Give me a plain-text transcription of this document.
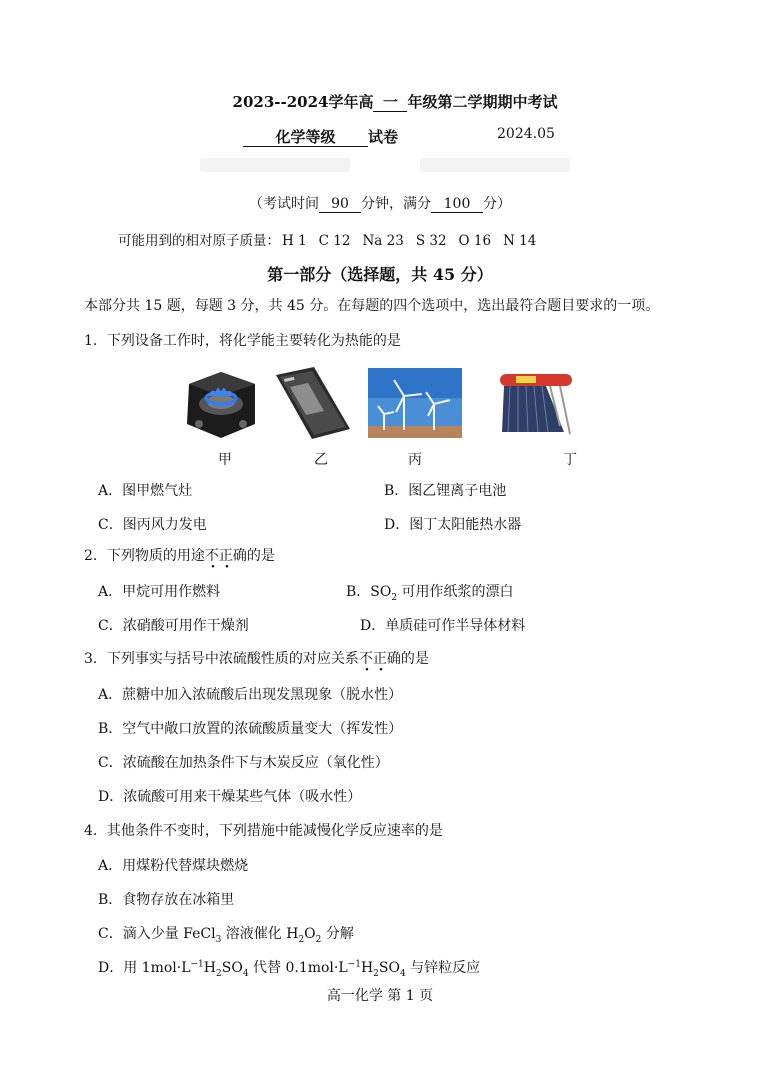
2023--2024学年高 一 年级第二学期期中考试
化学等级 试卷	2024.05
（考试时间 90 分钟，满分 100 分）
可能用到的相对原子质量： H 1 C 12 Na 23 S 32 O 16 N 14
第一部分（选择题，共 45 分）
本部分共 15 题，每题 3 分，共 45 分。在每题的四个选项中，选出最符合题目要求的一项。
1．下列设备工作时，将化学能主要转化为热能的是
甲	乙	丙	丁
A．图甲燃气灶	B．图乙锂离子电池
C．图丙风力发电	D．图丁太阳能热水器
2．下列物质的用途不正确的是
A．甲烷可用作燃料	B．$SO_2$ 可用作纸浆的漂白
C．浓硝酸可用作干燥剂	D．单质硅可作半导体材料
3．下列事实与括号中浓硫酸性质的对应关系不正确的是
A．蔗糖中加入浓硫酸后出现发黑现象（脱水性）
B．空气中敞口放置的浓硫酸质量变大（挥发性）
C．浓硫酸在加热条件下与木炭反应（氧化性）
D．浓硫酸可用来干燥某些气体（吸水性）
4．其他条件不变时，下列措施中能减慢化学反应速率的是
A．用煤粉代替煤块燃烧
B．食物存放在冰箱里
C．滴入少量 FeCl$_3$ 溶液催化 $H_2O_2$ 分解
D．用 $1mol\cdot L^{-1}H_2SO_4$ 代替 $0.1mol\cdot L^{-1}H_2SO_4$ 与锌粒反应
高一化学 第 1 页
